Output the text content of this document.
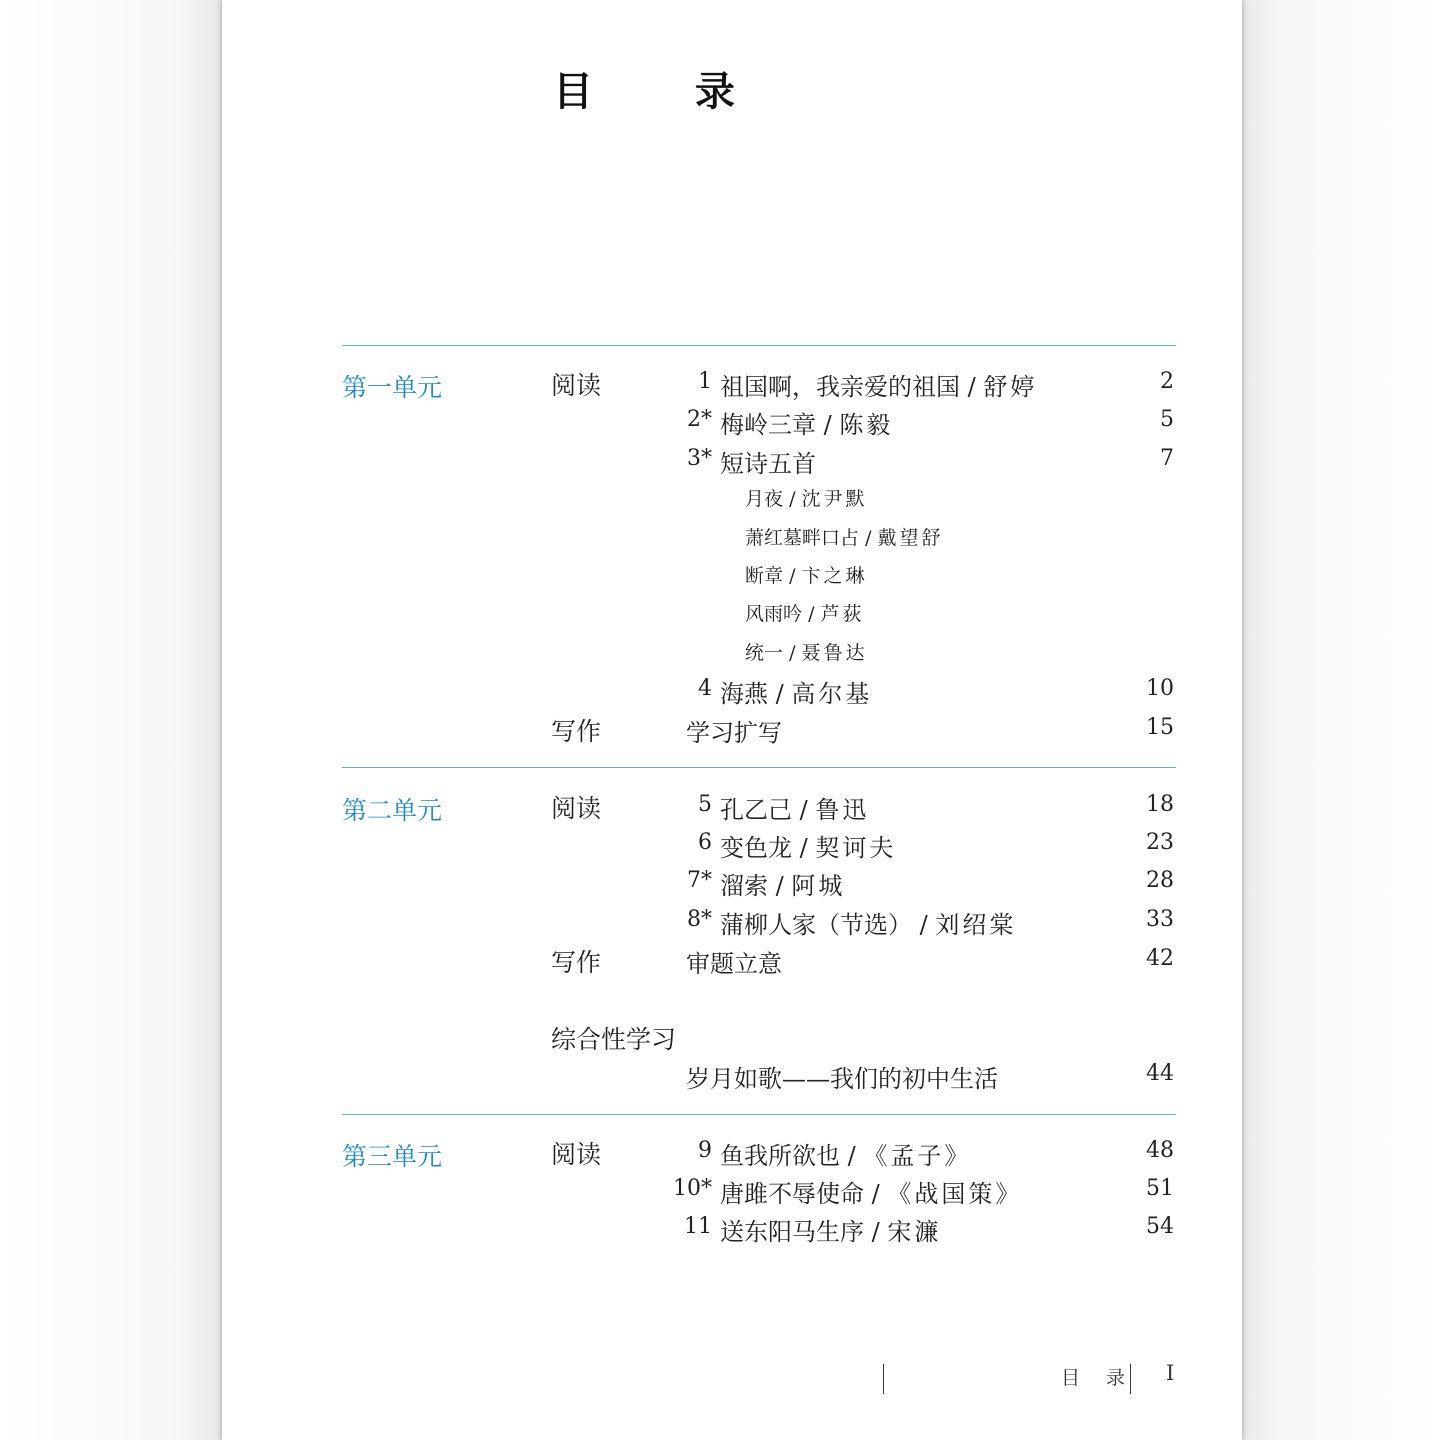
目 录
第一单元	阅读	1 祖国啊，我亲爱的祖国 / 舒婷	2
2* 梅岭三章 / 陈毅	5
3* 短诗五首	7
月夜 / 沈尹默
萧红墓畔口占 / 戴望舒
断章 / 卞之琳
风雨吟 / 芦荻
统一 / 聂鲁达
4 海燕 / 高尔基	10
写作	学习扩写	15
第二单元	阅读	5 孔乙己 / 鲁迅	18
6 变色龙 / 契诃夫	23
7* 溜索 / 阿城	28
8* 蒲柳人家（节选） / 刘绍棠	33
写作	审题立意	42
综合性学习
岁月如歌——我们的初中生活	44
第三单元	阅读	9 鱼我所欲也 / 《孟子》	48
10* 唐雎不辱使命 / 《战国策》	51
11 送东阳马生序 / 宋濂	54
目 录 I
